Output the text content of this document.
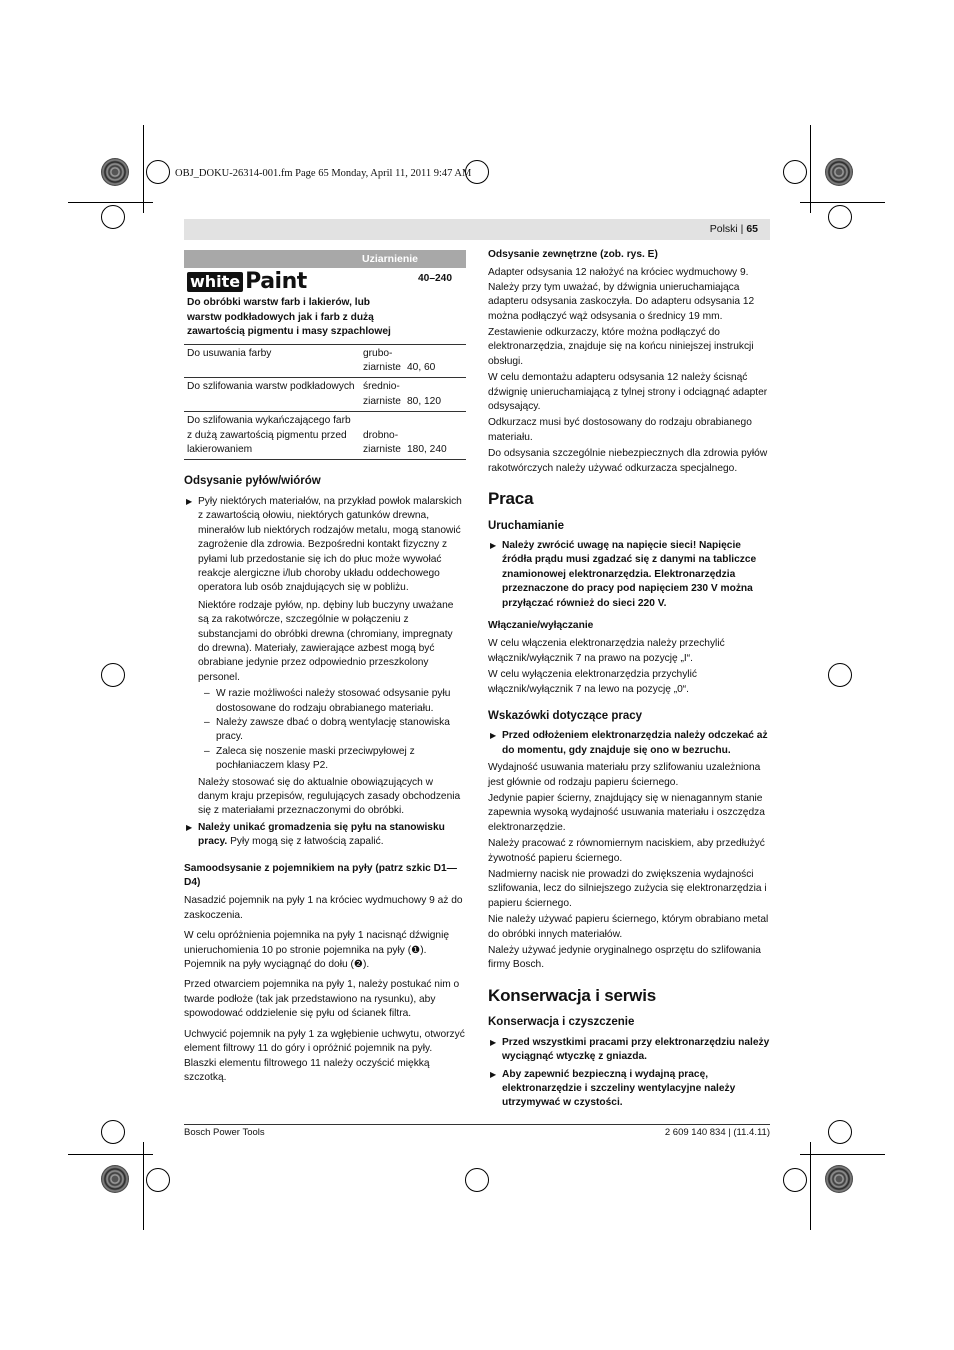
OBJ_DOKU-26314-001.fm Page 65 Monday, April 11, 2011 9:47 AM
Polski | 65
Uziarnienie
white Paint		40–240
Do obróbki warstw farb i lakierów, lub warstw podkładowych jak i farb z dużą zawartością pigmentu i masy szpachlowej		
Do usuwania farby	grubo-ziarniste	40, 60
Do szlifowania warstw podkładowych	średnio-ziarniste	80, 120
Do szlifowania wykańczającego farb z dużą zawartością pigmentu przed lakierowaniem	drobno-ziarniste	180, 240
Odsysanie pyłów/wiórów
▶ Pyły niektórych materiałów, na przykład powłok malarskich z zawartością ołowiu, niektórych gatunków drewna, minerałów lub niektórych rodzajów metalu, mogą stanowić zagrożenie dla zdrowia. Bezpośredni kontakt fizyczny z pyłami lub przedostanie się ich do płuc może wywołać reakcje alergiczne i/lub choroby układu oddechowego operatora lub osób znajdujących się w pobliżu.

Niektóre rodzaje pyłów, np. dębiny lub buczyny uważane są za rakotwórcze, szczególnie w połączeniu z substancjami do obróbki drewna (chromiany, impregnaty do drewna). Materiały, zawierające azbest mogą być obrabiane jedynie przez odpowiednio przeszkolony personel.

– W razie możliwości należy stosować odsysanie pyłu dostosowane do rodzaju obrabianego materiału.
– Należy zawsze dbać o dobrą wentylację stanowiska pracy.
– Zaleca się noszenie maski przeciwpyłowej z pochłaniaczem klasy P2.

Należy stosować się do aktualnie obowiązujących w danym kraju przepisów, regulujących zasady obchodzenia się z materiałami przeznaczonymi do obróbki.

▶ Należy unikać gromadzenia się pyłu na stanowisku pracy. Pyły mogą się z łatwością zapalić.
Samoodsysanie z pojemnikiem na pyły (patrz szkic D1—D4)

Nasadzić pojemnik na pyły 1 na króciec wydmuchowy 9 aż do zaskoczenia.

W celu opróżnienia pojemnika na pyły 1 nacisnąć dźwignię unieruchomienia 10 po stronie pojemnika na pyły (❶). Pojemnik na pyły wyciągnąć do dołu (❷).

Przed otwarciem pojemnika na pyły 1, należy postukać nim o twarde podłoże (tak jak przedstawiono na rysunku), aby spowodować oddzielenie się pyłu od ścianek filtra.

Uchwycić pojemnik na pyły 1 za wgłębienie uchwytu, otworzyć element filtrowy 11 do góry i opróżnić pojemnik na pyły. Blaszki elementu filtrowego 11 należy oczyścić miękką szczotką.

Odsysanie zewnętrzne (zob. rys. E)

Adapter odsysania 12 nałożyć na króciec wydmuchowy 9. Należy przy tym uważać, by dźwignia unieruchamiająca adapteru odsysania zaskoczyła. Do adapteru odsysania 12 można podłączyć wąż odsysania o średnicy 19 mm.

Zestawienie odkurzaczy, które można podłączyć do elektronarzędzia, znajduje się na końcu niniejszej instrukcji obsługi.

W celu demontażu adapteru odsysania 12 należy ścisnąć dźwignię unieruchamiającą z tylnej strony i odciągnąć adapter odsysający.

Odkurzacz musi być dostosowany do rodzaju obrabianego materiału.

Do odsysania szczególnie niebezpiecznych dla zdrowia pyłów rakotwórczych należy używać odkurzacza specjalnego.

Praca
Uruchamianie
▶ Należy zwrócić uwagę na napięcie sieci! Napięcie źródła prądu musi zgadzać się z danymi na tabliczce znamionowej elektronarzędzia. Elektronarzędzia przeznaczone do pracy pod napięciem 230 V można przyłączać również do sieci 220 V.
Włączanie/wyłączanie

W celu włączenia elektronarzędzia należy przechylić włącznik/wyłącznik 7 na prawo na pozycję „I“.

W celu wyłączenia elektronarzędzia przychylić włącznik/wyłącznik 7 na lewo na pozycję „0“.

Wskazówki dotyczące pracy
▶ Przed odłożeniem elektronarzędzia należy odczekać aż do momentu, gdy znajduje się ono w bezruchu.

Wydajność usuwania materiału przy szlifowaniu uzależniona jest głównie od rodzaju papieru ściernego.

Jedynie papier ścierny, znajdujący się w nienagannym stanie zapewnia wysoką wydajność usuwania materiału i oszczędza elektronarzędzie.

Należy pracować z równomiernym naciskiem, aby przedłużyć żywotność papieru ściernego.

Nadmierny nacisk nie prowadzi do zwiększenia wydajności szlifowania, lecz do silniejszego zużycia się elektronarzędzia i papieru ściernego.

Nie należy używać papieru ściernego, którym obrabiano metal do obróbki innych materiałów.

Należy używać jedynie oryginalnego osprzętu do szlifowania firmy Bosch.

Konserwacja i serwis
Konserwacja i czyszczenie
▶ Przed wszystkimi pracami przy elektronarzędziu należy wyciągnąć wtyczkę z gniazda.
▶ Aby zapewnić bezpieczną i wydajną pracę, elektronarzędzie i szczeliny wentylacyjne należy utrzymywać w czystości.
Bosch Power Tools	2 609 140 834 | (11.4.11)
